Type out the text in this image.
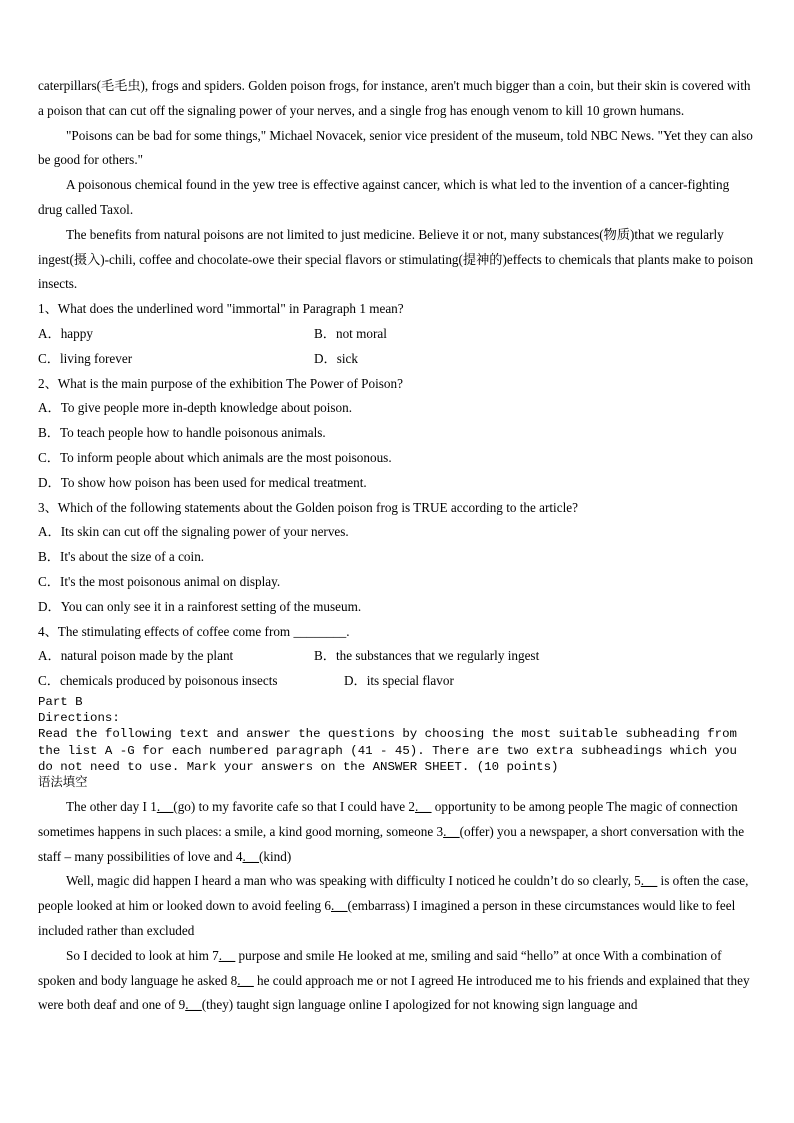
caterpillars(毛毛虫), frogs and spiders. Golden poison frogs, for instance, aren't much bigger than a coin, but their skin is covered with a poison that can cut off the signaling power of your nerves, and a single frog has enough venom to kill 10 grown humans.

"Poisons can be bad for some things," Michael Novacek, senior vice president of the museum, told NBC News. "Yet they can also be good for others."

A poisonous chemical found in the yew tree is effective against cancer, which is what led to the invention of a cancer-fighting drug called Taxol.

The benefits from natural poisons are not limited to just medicine. Believe it or not, many substances(物质)that we regularly ingest(摄入)-chili, coffee and chocolate-owe their special flavors or stimulating(提神的)effects to chemicals that plants make to poison insects.

1、What does the underlined word "immortal" in Paragraph 1 mean?

A．happy	B．not moral
C．living forever	D．sick

2、What is the main purpose of the exhibition The Power of Poison?

A．To give people more in-depth knowledge about poison.

B．To teach people how to handle poisonous animals.

C．To inform people about which animals are the most poisonous.

D．To show how poison has been used for medical treatment.

3、Which of the following statements about the Golden poison frog is TRUE according to the article?

A．Its skin can cut off the signaling power of your nerves.

B．It's about the size of a coin.

C．It's the most poisonous animal on display.

D．You can only see it in a rainforest setting of the museum.

4、The stimulating effects of coffee come from ________.

A．natural poison made by the plant	B．the substances that we regularly ingest
C．chemicals produced by poisonous insects	D．its special flavor

Part B

Directions:

Read the following text and answer the questions by choosing the most suitable subheading from the list A -G for each numbered paragraph (41 - 45). There are two extra subheadings which you do not need to use. Mark your answers on the ANSWER SHEET. (10 points)

语法填空

The other day I 1.__(go) to my favorite cafe so that I could have 2.__ opportunity to be among people The magic of connection sometimes happens in such places: a smile, a kind good morning, someone 3.__(offer) you a newspaper, a short conversation with the staff – many possibilities of love and 4.__(kind)

Well, magic did happen I heard a man who was speaking with difficulty I noticed he couldn’t do so clearly, 5.__ is often the case, people looked at him or looked down to avoid feeling 6.__(embarrass) I imagined a person in these circumstances would like to feel included rather than excluded

So I decided to look at him 7.__ purpose and smile He looked at me, smiling and said “hello” at once With a combination of spoken and body language he asked 8.__ he could approach me or not I agreed He introduced me to his friends and explained that they were both deaf and one of 9.__(they) taught sign language online I apologized for not knowing sign language and
